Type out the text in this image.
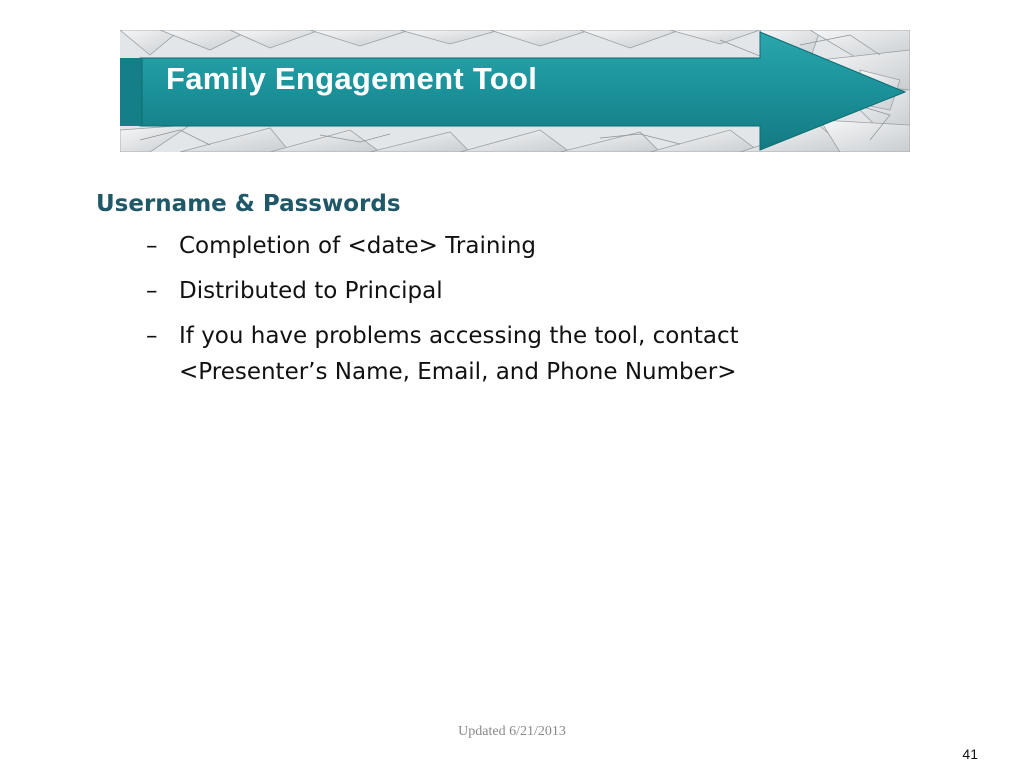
Family Engagement Tool
Username & Passwords
– Completion of <date> Training
– Distributed to Principal
– If you have problems accessing the tool, contact <Presenter’s Name, Email, and Phone Number>
Updated 6/21/2013
41
